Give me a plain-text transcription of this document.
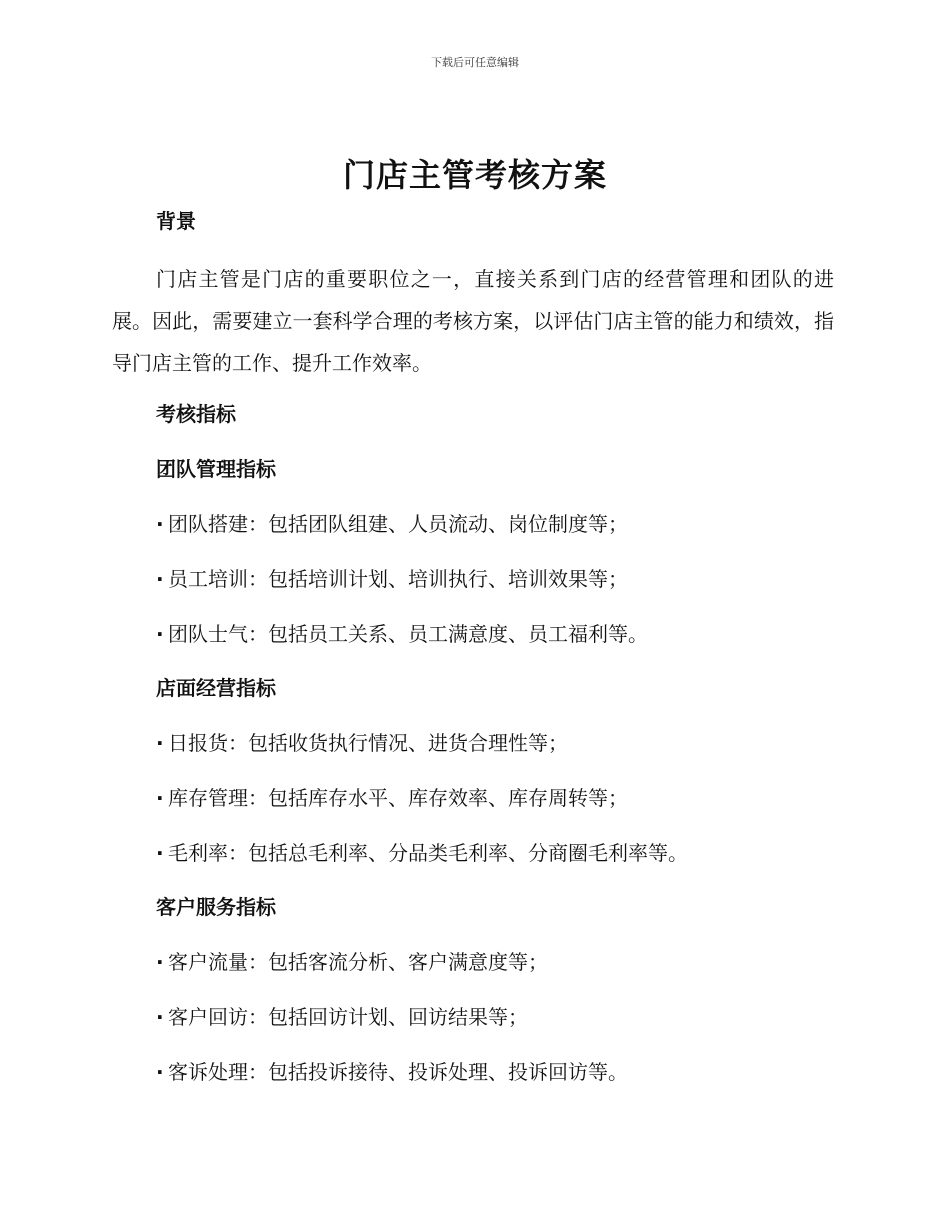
下载后可任意编辑
门店主管考核方案
背景

门店主管是门店的重要职位之一，直接关系到门店的经营管理和团队的进展。因此，需要建立一套科学合理的考核方案，以评估门店主管的能力和绩效，指导门店主管的工作、提升工作效率。

考核指标
团队管理指标
· 团队搭建：包括团队组建、人员流动、岗位制度等；
· 员工培训：包括培训计划、培训执行、培训效果等；
· 团队士气：包括员工关系、员工满意度、员工福利等。
店面经营指标
· 日报货：包括收货执行情况、进货合理性等；
· 库存管理：包括库存水平、库存效率、库存周转等；
· 毛利率：包括总毛利率、分品类毛利率、分商圈毛利率等。
客户服务指标
· 客户流量：包括客流分析、客户满意度等；
· 客户回访：包括回访计划、回访结果等；
· 客诉处理：包括投诉接待、投诉处理、投诉回访等。
